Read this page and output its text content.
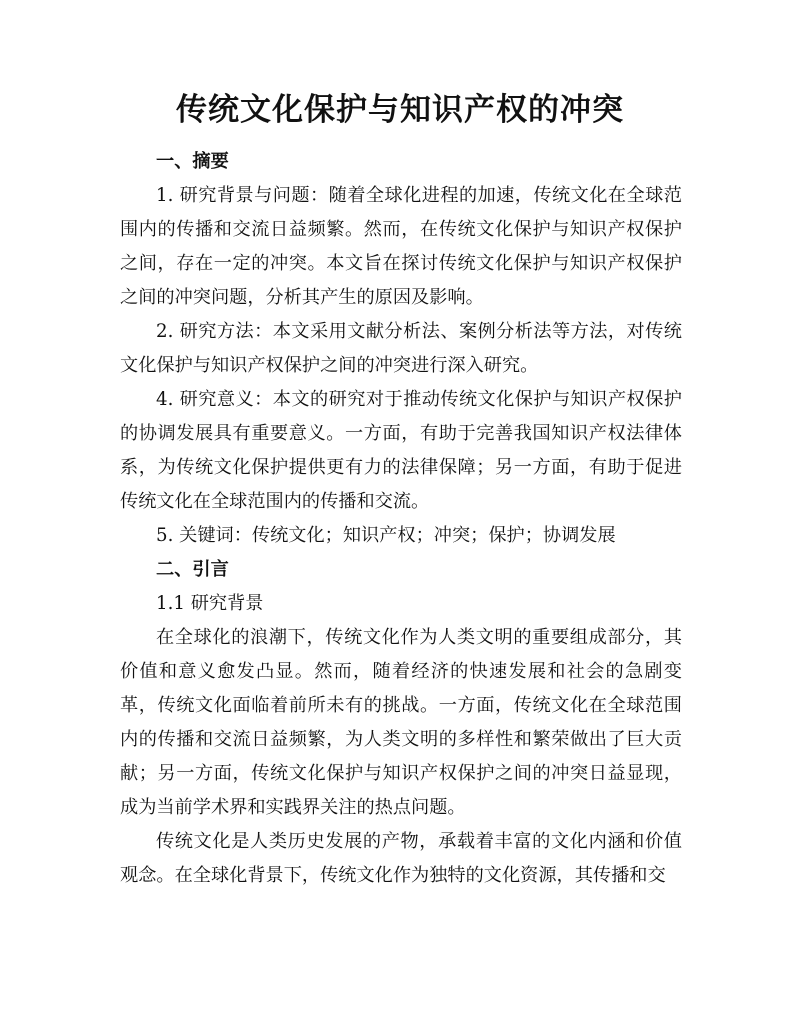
传统文化保护与知识产权的冲突

一、摘要

1. 研究背景与问题：随着全球化进程的加速，传统文化在全球范围内的传播和交流日益频繁。然而，在传统文化保护与知识产权保护之间，存在一定的冲突。本文旨在探讨传统文化保护与知识产权保护之间的冲突问题，分析其产生的原因及影响。

2. 研究方法：本文采用文献分析法、案例分析法等方法，对传统文化保护与知识产权保护之间的冲突进行深入研究。

4. 研究意义：本文的研究对于推动传统文化保护与知识产权保护的协调发展具有重要意义。一方面，有助于完善我国知识产权法律体系，为传统文化保护提供更有力的法律保障；另一方面，有助于促进传统文化在全球范围内的传播和交流。

5. 关键词：传统文化；知识产权；冲突；保护；协调发展

二、引言

1.1 研究背景

在全球化的浪潮下，传统文化作为人类文明的重要组成部分，其价值和意义愈发凸显。然而，随着经济的快速发展和社会的急剧变革，传统文化面临着前所未有的挑战。一方面，传统文化在全球范围内的传播和交流日益频繁，为人类文明的多样性和繁荣做出了巨大贡献；另一方面，传统文化保护与知识产权保护之间的冲突日益显现，成为当前学术界和实践界关注的热点问题。

传统文化是人类历史发展的产物，承载着丰富的文化内涵和价值观念。在全球化背景下，传统文化作为独特的文化资源，其传播和交
